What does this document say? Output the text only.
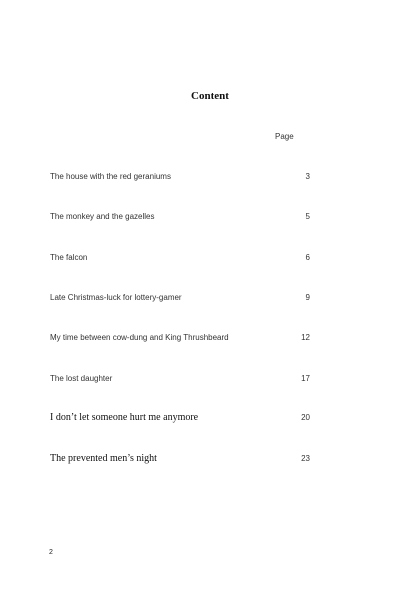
Content
Page
The house with the red geraniums	3
The monkey and the gazelles	5
The falcon	6
Late Christmas-luck for lottery-gamer	9
My time between cow-dung and King Thrushbeard	12
The lost daughter	17
I don’t let someone hurt me anymore	20
The prevented men’s night	23
2
